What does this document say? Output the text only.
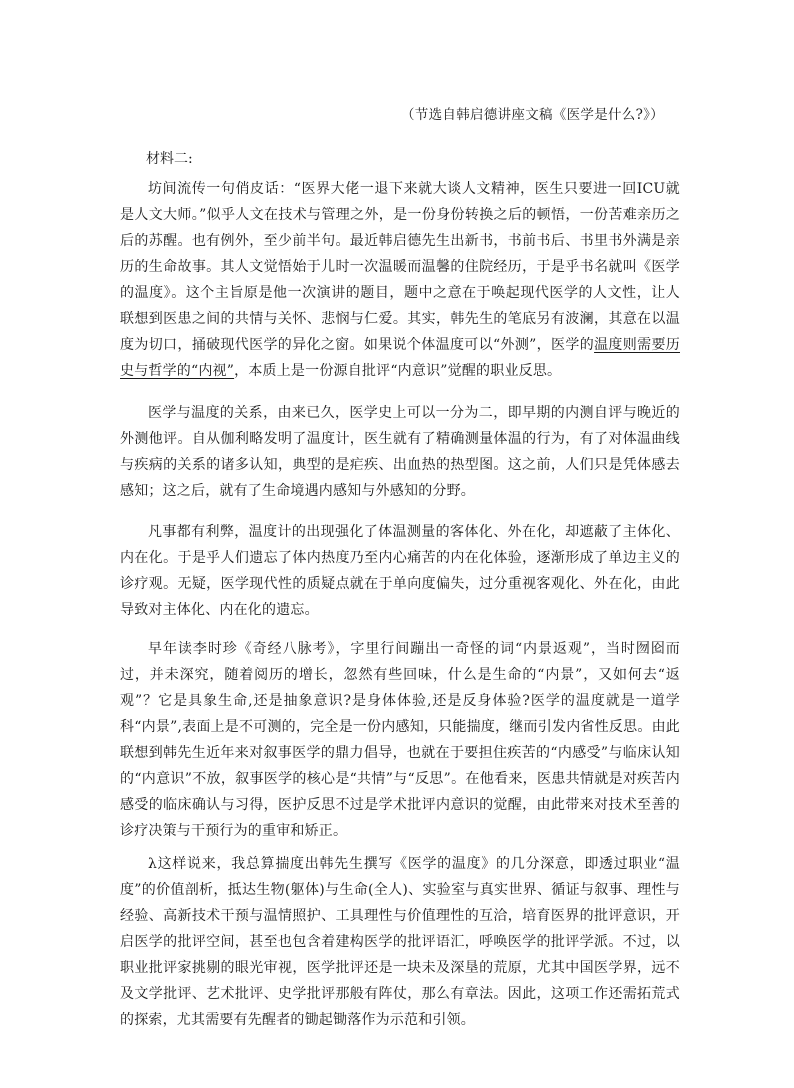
（节选自韩启德讲座文稿《医学是什么?》）
材料二:

坊间流传一句俏皮话：“医界大佬一退下来就大谈人文精神，医生只要进一回ICU就是人文大师。”似乎人文在技术与管理之外，是一份身份转换之后的顿悟，一份苦难亲历之后的苏醒。也有例外，至少前半句。最近韩启德先生出新书，书前书后、书里书外满是亲历的生命故事。其人文觉悟始于儿时一次温暖而温馨的住院经历，于是乎书名就叫《医学的温度》。这个主旨原是他一次演讲的题目，题中之意在于唤起现代医学的人文性，让人联想到医患之间的共情与关怀、悲悯与仁爱。其实，韩先生的笔底另有波澜，其意在以温度为切口，捅破现代医学的异化之窗。如果说个体温度可以“外测”，医学的温度则需要历史与哲学的“内视”，本质上是一份源自批评“内意识”觉醒的职业反思。

医学与温度的关系，由来已久，医学史上可以一分为二，即早期的内测自评与晚近的外测他评。自从伽利略发明了温度计，医生就有了精确测量体温的行为，有了对体温曲线与疾病的关系的诸多认知，典型的是疟疾、出血热的热型图。这之前，人们只是凭体感去感知；这之后，就有了生命境遇内感知与外感知的分野。

凡事都有利弊，温度计的出现强化了体温测量的客体化、外在化，却遮蔽了主体化、内在化。于是乎人们遗忘了体内热度乃至内心痛苦的内在化体验，逐渐形成了单边主义的诊疗观。无疑，医学现代性的质疑点就在于单向度偏失，过分重视客观化、外在化，由此导致对主体化、内在化的遗忘。

早年读李时珍《奇经八脉考》，字里行间蹦出一奇怪的词“内景返观”，当时囫囵而过，并未深究，随着阅历的增长，忽然有些回味，什么是生命的“内景”，又如何去“返观”？它是具象生命,还是抽象意识?是身体体验,还是反身体验?医学的温度就是一道学科“内景”,表面上是不可测的，完全是一份内感知，只能揣度，继而引发内省性反思。由此联想到韩先生近年来对叙事医学的鼎力倡导，也就在于要担住疾苦的“内感受”与临床认知的“内意识”不放，叙事医学的核心是“共情”与“反思”。在他看来，医患共情就是对疾苦内感受的临床确认与习得，医护反思不过是学术批评内意识的觉醒，由此带来对技术至善的诊疗决策与干预行为的重审和矫正。

λ这样说来，我总算揣度出韩先生撰写《医学的温度》的几分深意，即透过职业“温度”的价值剖析，抵达生物(躯体)与生命(全人)、实验室与真实世界、循证与叙事、理性与经验、高新技术干预与温情照护、工具理性与价值理性的互洽，培育医界的批评意识，开启医学的批评空间，甚至也包含着建构医学的批评语汇，呼唤医学的批评学派。不过，以职业批评家挑剔的眼光审视，医学批评还是一块未及深垦的荒原，尤其中国医学界，远不及文学批评、艺术批评、史学批评那般有阵仗，那么有章法。因此，这项工作还需拓荒式的探索，尤其需要有先醒者的锄起锄落作为示范和引领。
